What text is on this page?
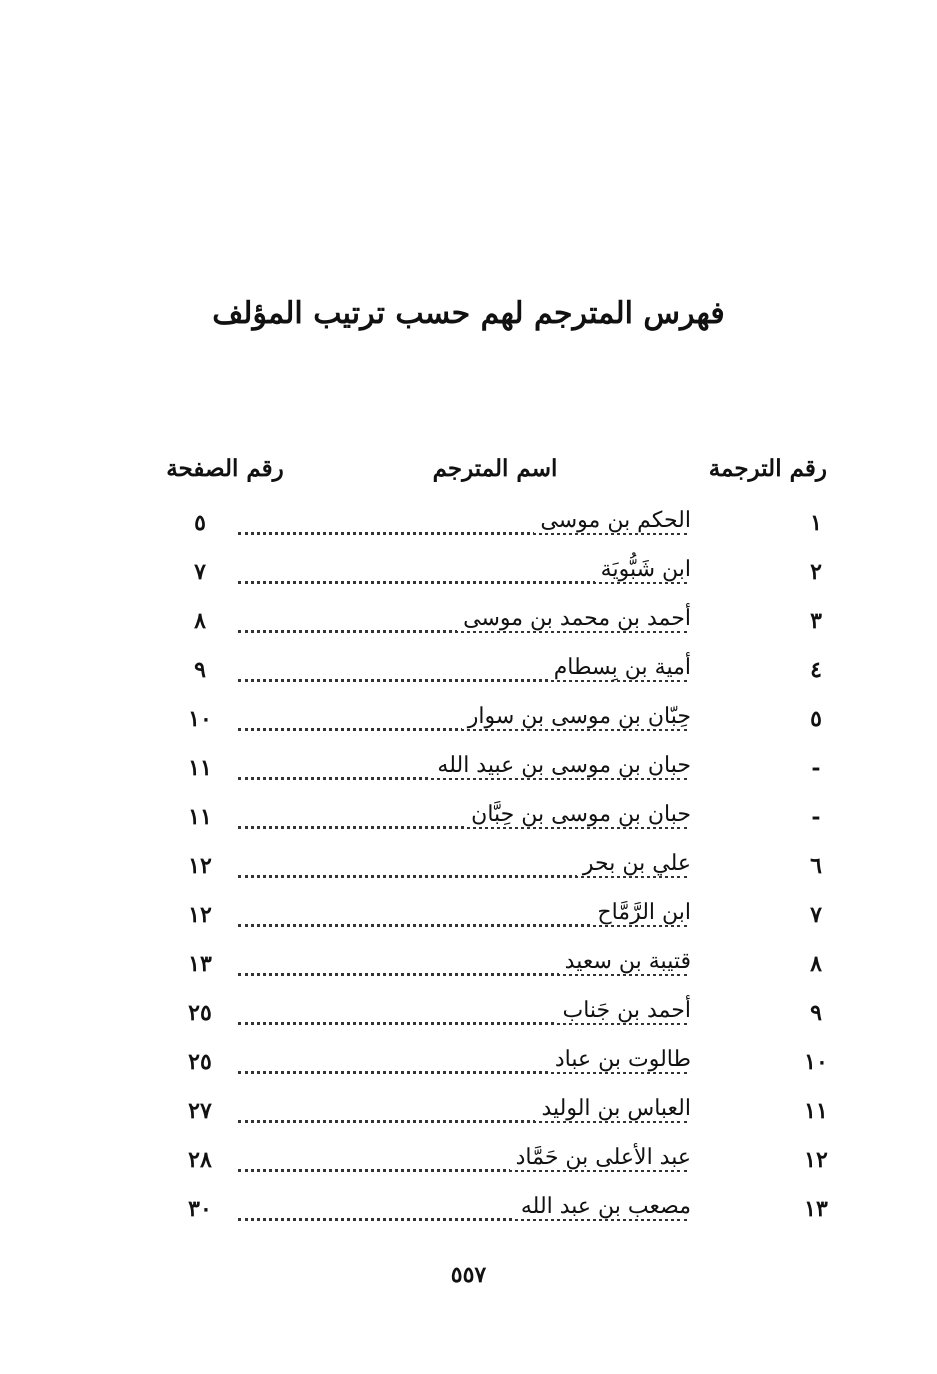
فهرس المترجم لهم حسب ترتيب المؤلف
رقم الترجمة
اسم المترجم
رقم الصفحة
١
الحكم بن موسى
٥
٢
ابن شَبُّويَة
٧
٣
أحمد بن محمد بن موسى
٨
٤
أمية بن بِسطام
٩
٥
حِبّان بن موسى بن سوار
١٠
-
حبان بن موسى بن عبيد الله
١١
-
حبان بن موسى بن حِبَّان
١١
٦
علي بن بحر
١٢
٧
ابن الرَّمَّاح
١٢
٨
قتيبة بن سعيد
١٣
٩
أحمد بن جَناب
٢٥
١٠
طالوت بن عباد
٢٥
١١
العباس بن الوليد
٢٧
١٢
عبد الأعلى بن حَمَّاد
٢٨
١٣
مصعب بن عبد الله
٣٠
٥٥٧
